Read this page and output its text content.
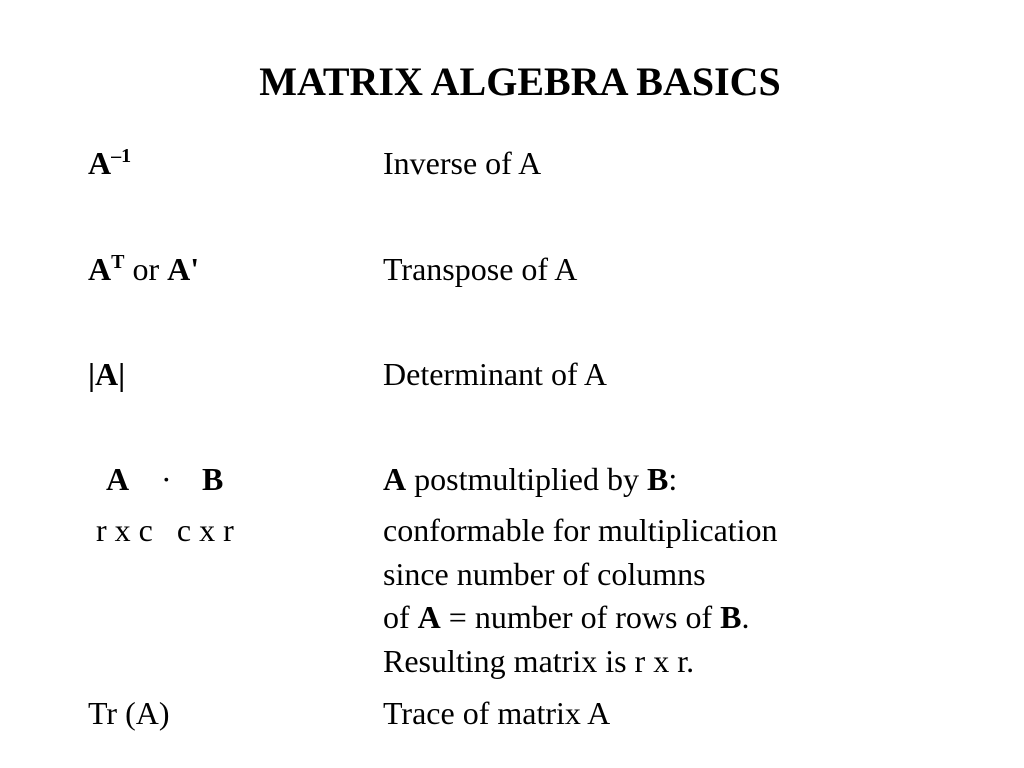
MATRIX ALGEBRA BASICS
$A^{-1}$	Inverse of A
$A^T$ or A'	Transpose of A
|A|	Determinant of A
A · B	A postmultiplied by B:
r x c   c x r	conformable for multiplication
since number of columns
of A = number of rows of B.
Resulting matrix is r x r.
Tr (A)	Trace of matrix A
